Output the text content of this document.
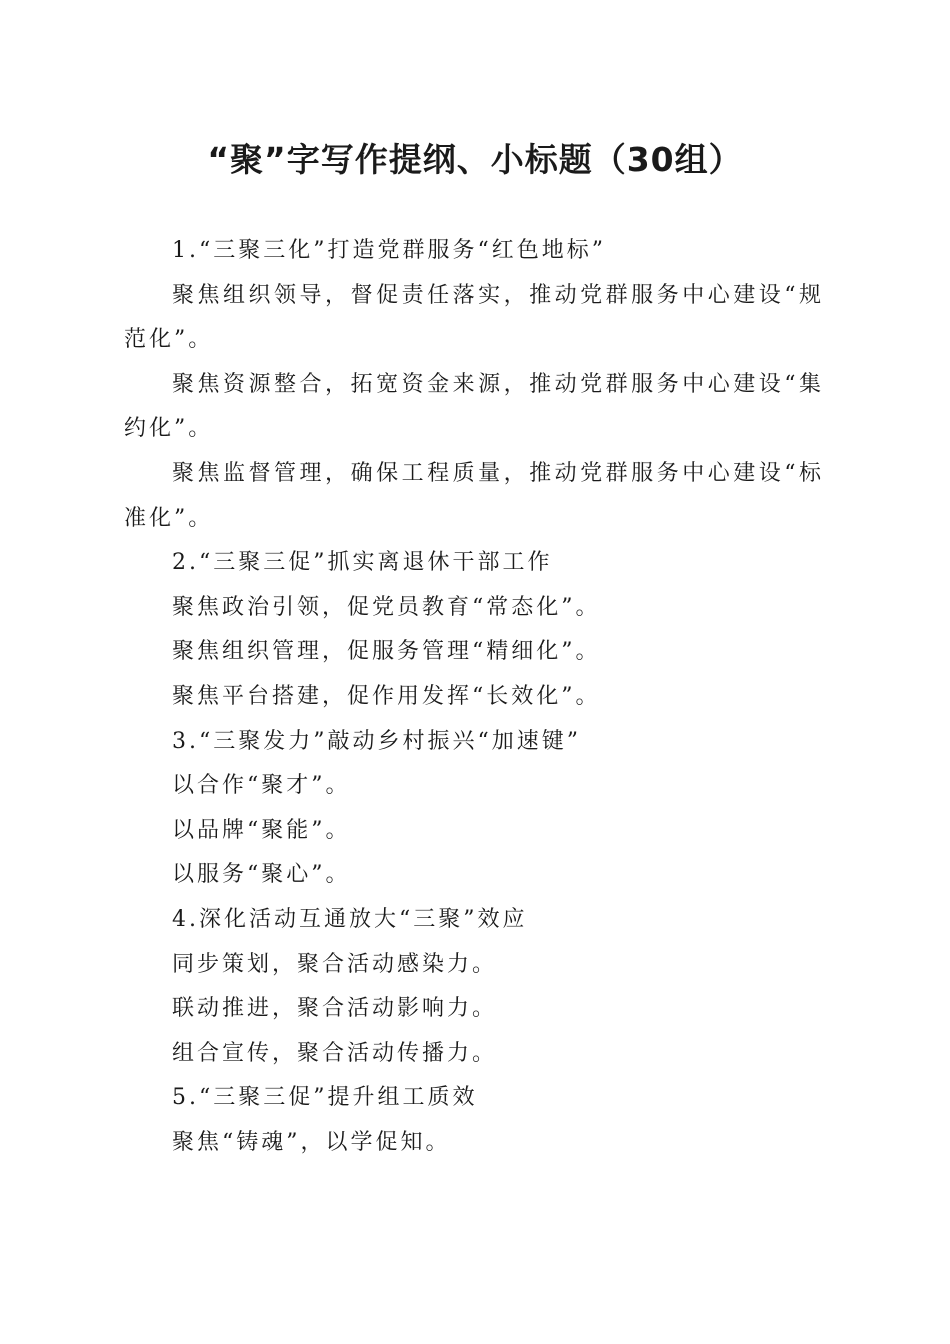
“聚”字写作提纲、小标题（30组）

1.“三聚三化”打造党群服务“红色地标”

聚焦组织领导，督促责任落实，推动党群服务中心建设“规范化”。

聚焦资源整合，拓宽资金来源，推动党群服务中心建设“集约化”。

聚焦监督管理，确保工程质量，推动党群服务中心建设“标准化”。

2.“三聚三促”抓实离退休干部工作

聚焦政治引领，促党员教育“常态化”。

聚焦组织管理，促服务管理“精细化”。

聚焦平台搭建，促作用发挥“长效化”。

3.“三聚发力”敲动乡村振兴“加速键”

以合作“聚才”。

以品牌“聚能”。

以服务“聚心”。

4.深化活动互通放大“三聚”效应

同步策划，聚合活动感染力。

联动推进，聚合活动影响力。

组合宣传，聚合活动传播力。

5.“三聚三促”提升组工质效

聚焦“铸魂”，以学促知。
